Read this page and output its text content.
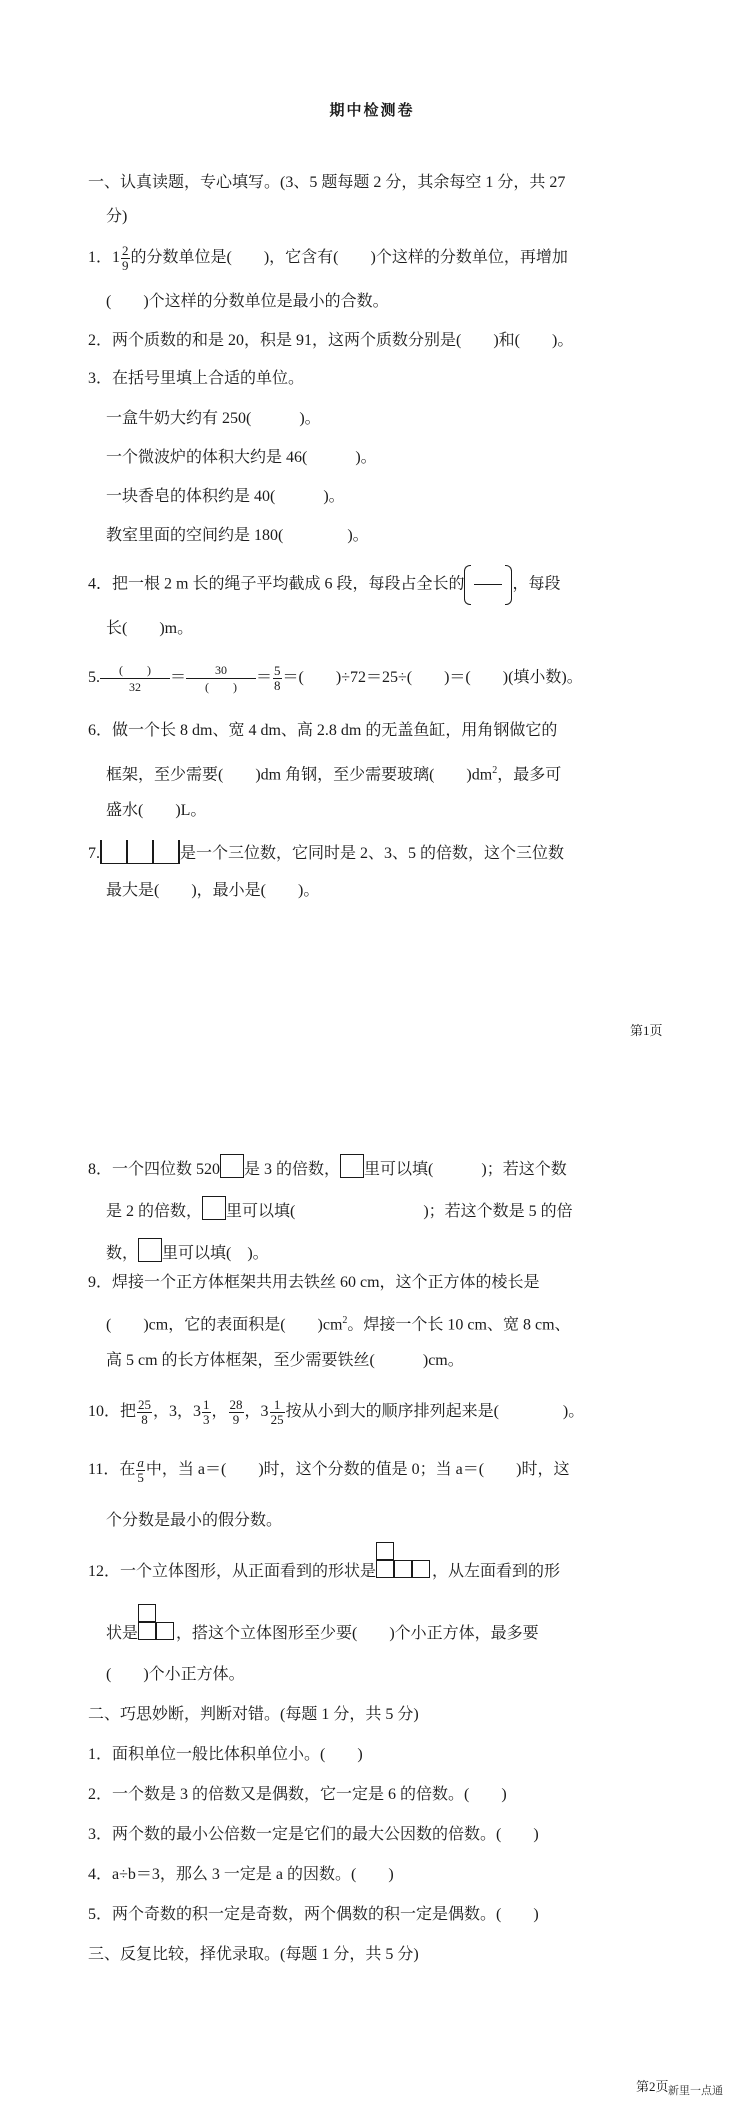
期中检测卷
一、认真读题，专心填写。(3、5 题每题 2 分，其余每空 1 分，共 27
分)
1．$1 \frac{2}{9}$ 的分数单位是(　　)，它含有(　　)个这样的分数单位，再增加
(　　)个这样的分数单位是最小的合数。
2．两个质数的和是 20，积是 91，这两个质数分别是(　　)和(　　)。
3．在括号里填上合适的单位。
一盒牛奶大约有 250(　　　)。
一个微波炉的体积大约是 46(　　　)。
一块香皂的体积约是 40(　　　)。
教室里面的空间约是 180(　　　　)。
4．把一根 2 m 长的绳子平均截成 6 段，每段占全长的	，每段
长(　　)m。
5.	(　　)
32
＝	30
(　　)
＝ $\frac{5}{8}$ ＝(　　)÷72＝25÷(　　)＝(　　)(填小数)。
6．做一个长 8 dm、宽 4 dm、高 2.8 dm 的无盖鱼缸，用角钢做它的
框架，至少需要(　　)dm 角钢，至少需要玻璃(　　)$dm^2$，最多可
盛水(　　)L。
7.	是一个三位数，它同时是 2、3、5 的倍数，这个三位数
最大是(　　)，最小是(　　)。
第1页
8．一个四位数 520 是 3 的倍数， 里可以填(　　　)；若这个数
是 2 的倍数， 里可以填(　　　　　　　　)；若这个数是 5 的倍
数， 里可以填(　)。
9．焊接一个正方体框架共用去铁丝 60 cm，这个正方体的棱长是
(　　)cm，它的表面积是(　　)$cm^2$。焊接一个长 10 cm、宽 8 cm、
高 5 cm 的长方体框架，至少需要铁丝(　　　)cm。
10．把 $\frac{25}{8}$ ，3，$3 \frac{1}{3}$ ， $\frac{28}{9}$ ，$3 \frac{1}{25}$ 按从小到大的顺序排列起来是(　　　　)。
11．在 $\frac{a}{5}$ 中，当 a＝(　　)时，这个分数的值是 0；当 a＝(　　)时，这
个分数是最小的假分数。
12．一个立体图形，从正面看到的形状是	，从左面看到的形
状是 ，搭这个立体图形至少要(　　)个小正方体，最多要
(　　)个小正方体。
二、巧思妙断，判断对错。(每题 1 分，共 5 分)
1．面积单位一般比体积单位小。(　　)
2．一个数是 3 的倍数又是偶数，它一定是 6 的倍数。(　　)
3．两个数的最小公倍数一定是它们的最大公因数的倍数。(　　)
4．a÷b＝3，那么 3 一定是 a 的因数。(　　)
5．两个奇数的积一定是奇数，两个偶数的积一定是偶数。(　　)
三、反复比较，择优录取。(每题 1 分，共 5 分)
第2页 新里一点通
